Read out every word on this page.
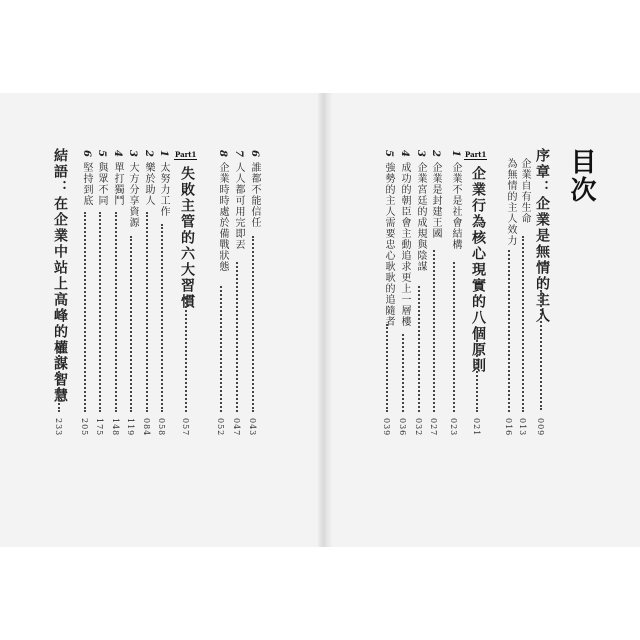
目次
序章：企業是無情的主人
009
企業自有生命
013
為無情的主人效力
016
Part1
企業行為核心現實的八個原則
021
1企業不是社會結構
023
2企業是封建王國
027
3企業宮廷的成規與陰謀
032
4成功的朝臣會主動追求更上一層樓
036
5強勢的主人需要忠心耿耿的追隨者
039
6誰都不能信任
043
7人人都可用完即丟
047
8企業時時處於備戰狀態
052
Part1
失敗主管的六大習慣
057
1太努力工作
058
2樂於助人
084
3大方分享資源
119
4單打獨鬥
148
5與眾不同
175
6堅持到底
205
結語：在企業中站上高峰的權謀智慧
233
